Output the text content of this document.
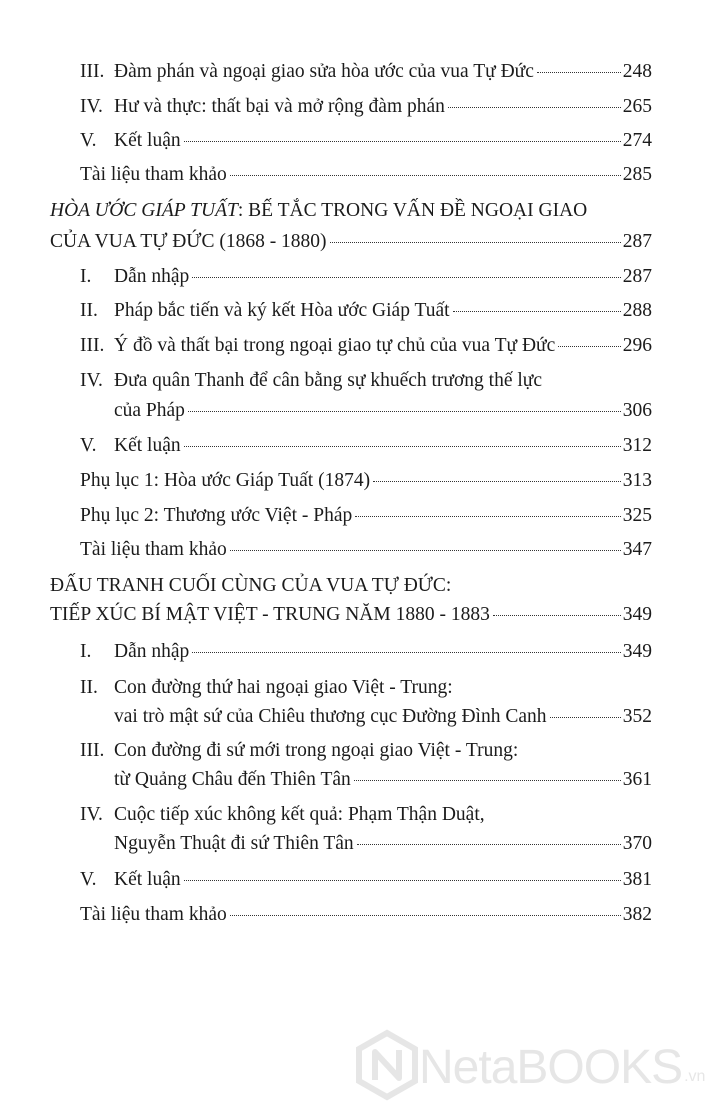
III. Đàm phán và ngoại giao sửa hòa ước của vua Tự Đức	248
IV. Hư và thực: thất bại và mở rộng đàm phán	265
V. Kết luận	274
Tài liệu tham khảo	285
HÒA ƯỚC GIÁP TUẤT: BẾ TẮC TRONG VẤN ĐỀ NGOẠI GIAO
CỦA VUA TỰ ĐỨC (1868 - 1880)	287
I. Dẫn nhập	287
II. Pháp bắc tiến và ký kết Hòa ước Giáp Tuất	288
III. Ý đồ và thất bại trong ngoại giao tự chủ của vua Tự Đức	296
IV. Đưa quân Thanh để cân bằng sự khuếch trương thế lực
của Pháp	306
V. Kết luận	312
Phụ lục 1: Hòa ước Giáp Tuất (1874)	313
Phụ lục 2: Thương ước Việt - Pháp	325
Tài liệu tham khảo	347
ĐẤU TRANH CUỐI CÙNG CỦA VUA TỰ ĐỨC:
TIẾP XÚC BÍ MẬT VIỆT - TRUNG NĂM 1880 - 1883	349
I. Dẫn nhập	349
II. Con đường thứ hai ngoại giao Việt - Trung:
vai trò mật sứ của Chiêu thương cục Đường Đình Canh	352
III. Con đường đi sứ mới trong ngoại giao Việt - Trung:
từ Quảng Châu đến Thiên Tân	361
IV. Cuộc tiếp xúc không kết quả: Phạm Thận Duật,
Nguyễn Thuật đi sứ Thiên Tân	370
V. Kết luận	381
Tài liệu tham khảo	382
NetaBOOKS .vn
